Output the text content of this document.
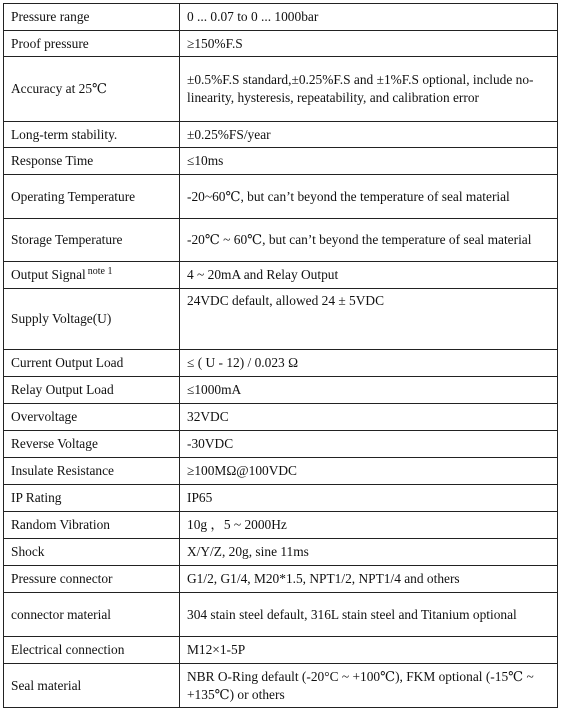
Pressure range	0 ... 0.07 to 0 ... 1000bar
Proof pressure	≥150%F.S
Accuracy at 25℃	±0.5%F.S standard,±0.25%F.S and ±1%F.S optional, include no-linearity, hysteresis, repeatability, and calibration error
Long-term stability.	±0.25%FS/year
Response Time	≤10ms
Operating Temperature	-20~60℃, but can’t beyond the temperature of seal material
Storage Temperature	-20℃ ~ 60℃, but can’t beyond the temperature of seal material
Output Signal $^{note 1}$	4 ~ 20mA and Relay Output
Supply Voltage(U)	24VDC default, allowed 24 ± 5VDC
Current Output Load	≤ ( U - 12) / 0.023 Ω
Relay Output Load	≤1000mA
Overvoltage	32VDC
Reverse Voltage	-30VDC
Insulate Resistance	≥100MΩ@100VDC
IP Rating	IP65
Random Vibration	10g ，5 ~ 2000Hz
Shock	X/Y/Z, 20g, sine 11ms
Pressure connector	G1/2, G1/4, M20*1.5, NPT1/2, NPT1/4 and others
connector material	304 stain steel default, 316L stain steel and Titanium optional
Electrical connection	M12×1-5P
Seal material	NBR O-Ring default (-20°C ~ +100℃), FKM optional (-15℃ ~ +135℃) or others
